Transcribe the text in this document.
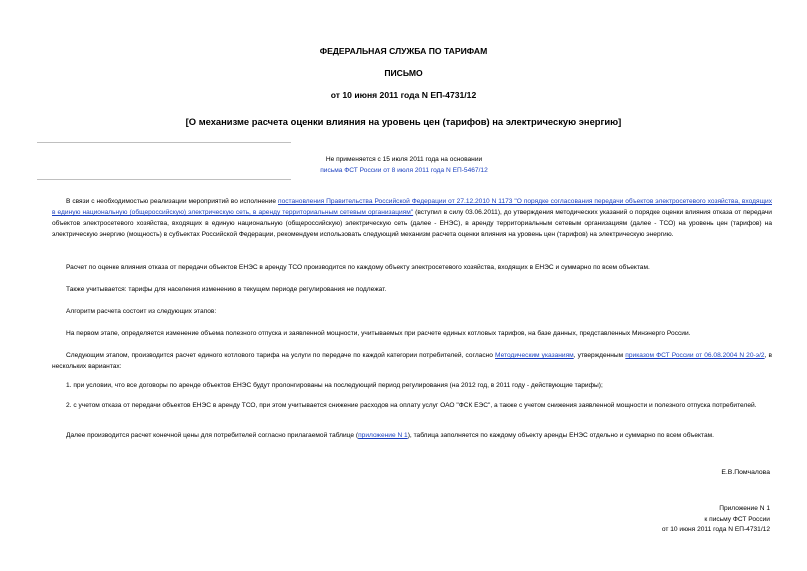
ФЕДЕРАЛЬНАЯ СЛУЖБА ПО ТАРИФАМ
ПИСЬМО
от 10 июня 2011 года N ЕП-4731/12
[О механизме расчета оценки влияния на уровень цен (тарифов) на электрическую энергию]
Не применяется с 15 июля 2011 года на основании
письма ФСТ России от 8 июля 2011 года N ЕП-5467/12
В связи с необходимостью реализации мероприятий во исполнение постановления Правительства Российской Федерации от 27.12.2010 N 1173 "О порядке согласования передачи объектов электросетевого хозяйства, входящих в единую национальную (общероссийскую) электрическую сеть, в аренду территориальным сетевым организациям" (вступил в силу 03.06.2011), до утверждения методических указаний о порядке оценки влияния отказа от передачи объектов электросетевого хозяйства, входящих в единую национальную (общероссийскую) электрическую сеть (далее - ЕНЭС), в аренду территориальным сетевым организациям (далее - ТСО) на уровень цен (тарифов) на электрическую энергию (мощность) в субъектах Российской Федерации, рекомендуем использовать следующий механизм расчета оценки влияния на уровень цен (тарифов) на электрическую энергию.
Расчет по оценке влияния отказа от передачи объектов ЕНЭС в аренду ТСО производится по каждому объекту электросетевого хозяйства, входящих в ЕНЭС и суммарно по всем объектам.
Также учитывается: тарифы для населения изменению в текущем периоде регулирования не подлежат.
Алгоритм расчета состоит из следующих этапов:
На первом этапе, определяется изменение объема полезного отпуска и заявленной мощности, учитываемых при расчете единых котловых тарифов, на базе данных, представленных Минэнерго России.
Следующим этапом, производится расчет единого котлового тарифа на услуги по передаче по каждой категории потребителей, согласно Методическим указаниям, утвержденным приказом ФСТ России от 06.08.2004 N 20-э/2, в нескольких вариантах:
1. при условии, что все договоры по аренде объектов ЕНЭС будут пролонгированы на последующий период регулирования (на 2012 год, в 2011 году - действующие тарифы);
2. с учетом отказа от передачи объектов ЕНЭС в аренду ТСО, при этом учитывается снижение расходов на оплату услуг ОАО "ФСК ЕЭС", а также с учетом снижения заявленной мощности и полезного отпуска потребителей.
Далее производится расчет конечной цены для потребителей согласно прилагаемой таблице (приложение N 1), таблица заполняется по каждому объекту аренды ЕНЭС отдельно и суммарно по всем объектам.
Е.В.Помчалова
Приложение N 1
к письму ФСТ России
от 10 июня 2011 года N ЕП-4731/12
